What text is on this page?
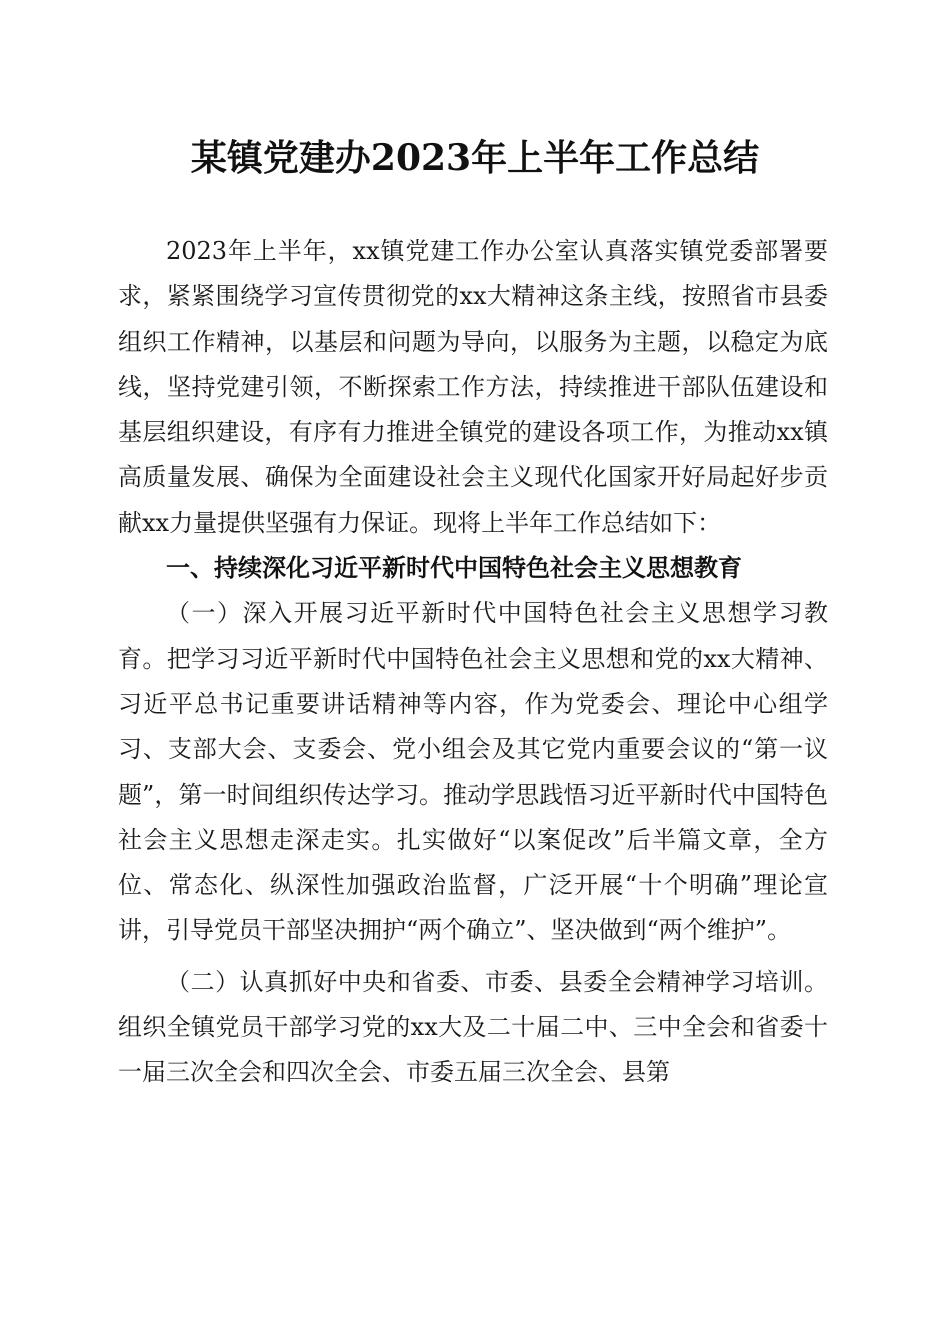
某镇党建办2023年上半年工作总结

2023年上半年，xx镇党建工作办公室认真落实镇党委部署要求，紧紧围绕学习宣传贯彻党的xx大精神这条主线，按照省市县委组织工作精神，以基层和问题为导向，以服务为主题，以稳定为底线，坚持党建引领，不断探索工作方法，持续推进干部队伍建设和基层组织建设，有序有力推进全镇党的建设各项工作，为推动xx镇高质量发展、确保为全面建设社会主义现代化国家开好局起好步贡献xx力量提供坚强有力保证。现将上半年工作总结如下：

一、持续深化习近平新时代中国特色社会主义思想教育

（一）深入开展习近平新时代中国特色社会主义思想学习教育。把学习习近平新时代中国特色社会主义思想和党的xx大精神、习近平总书记重要讲话精神等内容，作为党委会、理论中心组学习、支部大会、支委会、党小组会及其它党内重要会议的“第一议题”，第一时间组织传达学习。推动学思践悟习近平新时代中国特色社会主义思想走深走实。扎实做好“以案促改”后半篇文章，全方位、常态化、纵深性加强政治监督，广泛开展“十个明确”理论宣讲，引导党员干部坚决拥护“两个确立”、坚决做到“两个维护”。

（二）认真抓好中央和省委、市委、县委全会精神学习培训。组织全镇党员干部学习党的xx大及二十届二中、三中全会和省委十一届三次全会和四次全会、市委五届三次全会、县第
